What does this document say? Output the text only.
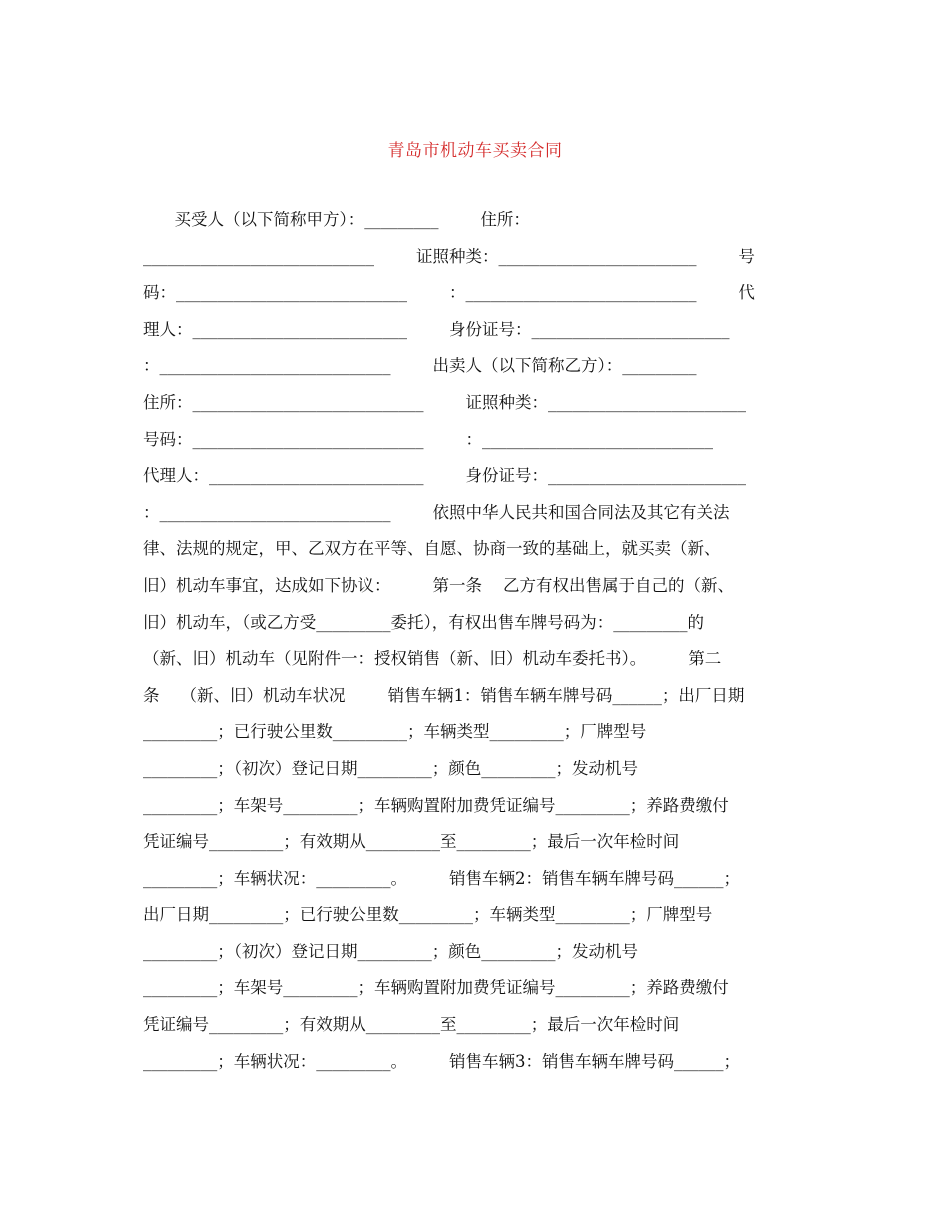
青岛市机动车买卖合同
买受人（以下简称甲方）：_________        住所：
____________________________        证照种类：________________________        号
码：____________________________        ：____________________________        代
理人：__________________________        身份证号：________________________
：____________________________        出卖人（以下简称乙方）：_________
住所：____________________________        证照种类：________________________
号码：____________________________        ：____________________________
代理人：__________________________        身份证号：________________________
：____________________________        依照中华人民共和国合同法及其它有关法
律、法规的规定，甲、乙双方在平等、自愿、协商一致的基础上，就买卖（新、
旧）机动车事宜，达成如下协议：        第一条    乙方有权出售属于自己的（新、
旧）机动车，（或乙方受_________委托），有权出售车牌号码为：_________的
（新、旧）机动车（见附件一：授权销售（新、旧）机动车委托书）。        第二
条    （新、旧）机动车状况        销售车辆1：销售车辆车牌号码______；出厂日期
_________；已行驶公里数_________；车辆类型_________；厂牌型号
_________；（初次）登记日期_________；颜色_________；发动机号
_________；车架号_________；车辆购置附加费凭证编号_________；养路费缴付
凭证编号_________；有效期从_________至_________；最后一次年检时间
_________；车辆状况：_________。        销售车辆2：销售车辆车牌号码______；
出厂日期_________；已行驶公里数_________；车辆类型_________；厂牌型号
_________；（初次）登记日期_________；颜色_________；发动机号
_________；车架号_________；车辆购置附加费凭证编号_________；养路费缴付
凭证编号_________；有效期从_________至_________；最后一次年检时间
_________；车辆状况：_________。        销售车辆3：销售车辆车牌号码______；
